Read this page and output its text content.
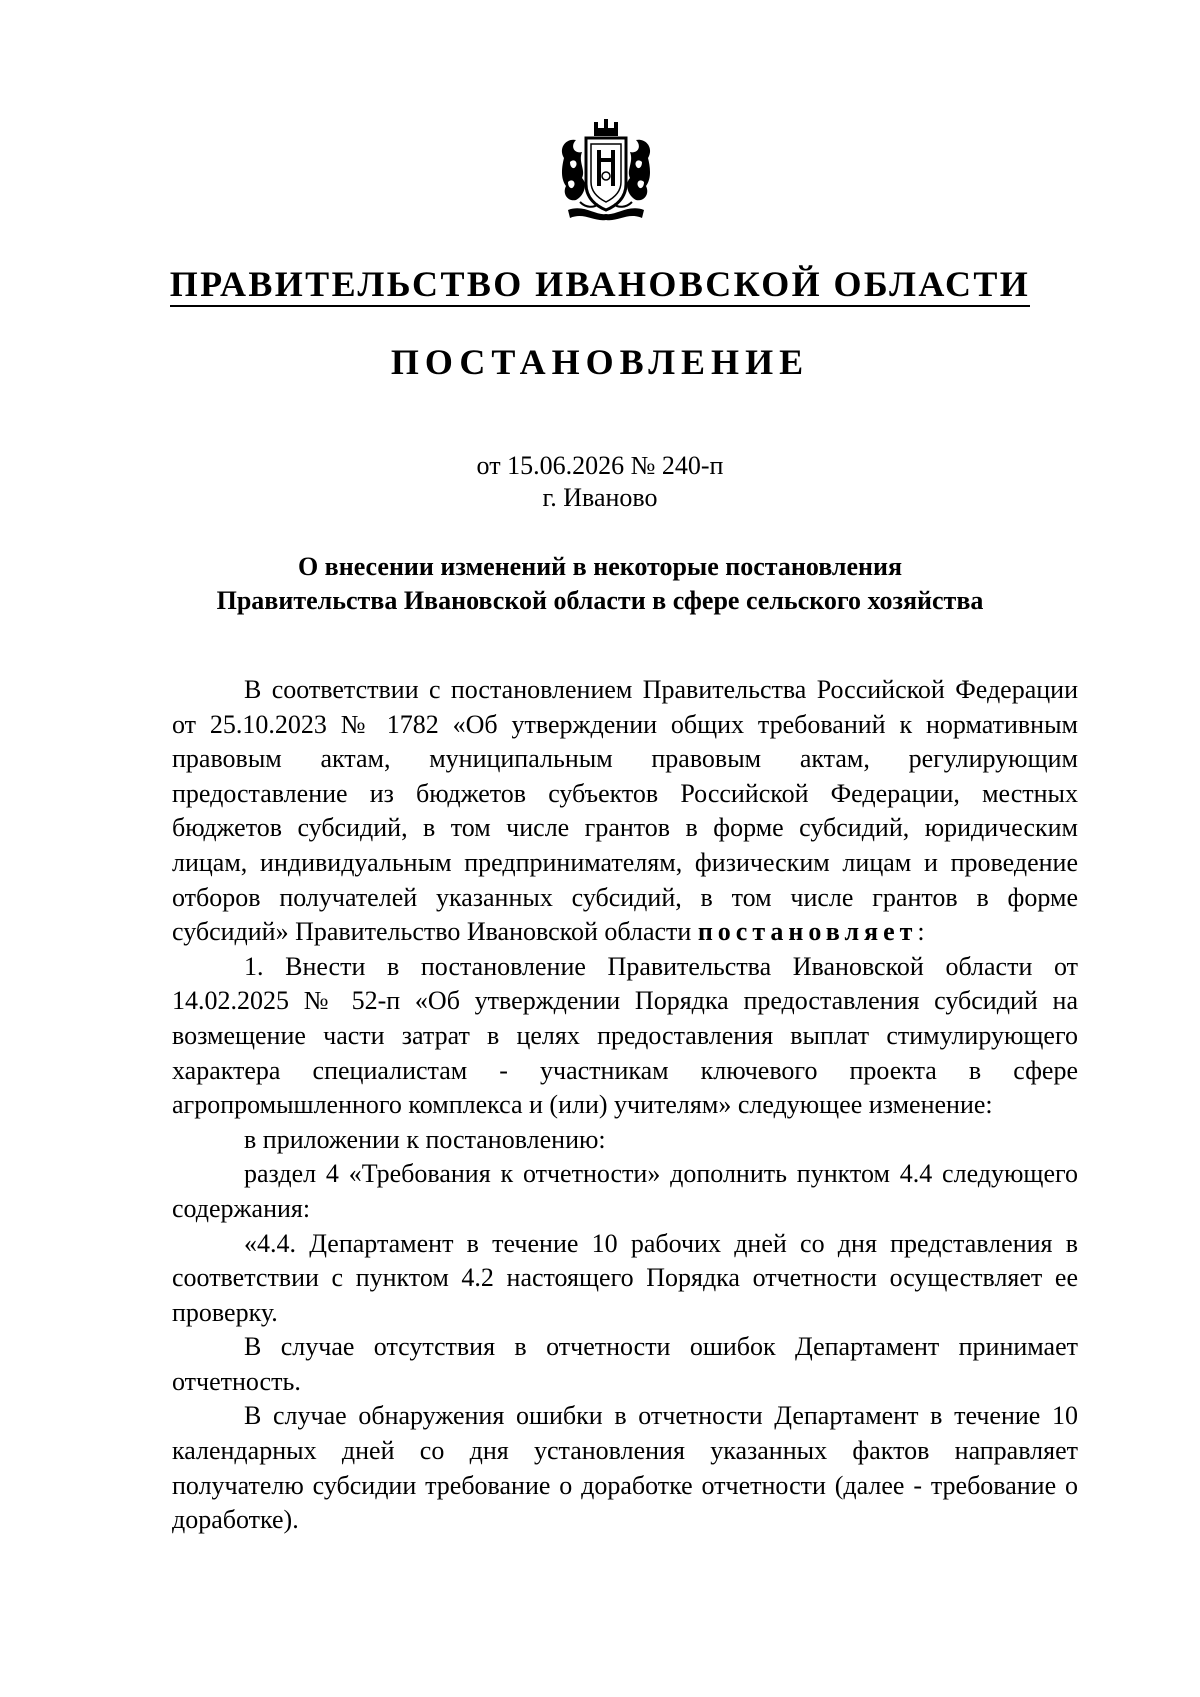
ПРАВИТЕЛЬСТВО ИВАНОВСКОЙ ОБЛАСТИ
ПОСТАНОВЛЕНИЕ
от 15.06.2026 № 240-п
г. Иваново
О внесении изменений в некоторые постановления
Правительства Ивановской области в сфере сельского хозяйства

В соответствии с постановлением Правительства Российской Федерации от 25.10.2023 № 1782 «Об утверждении общих требований к нормативным правовым актам, муниципальным правовым актам, регулирующим предоставление из бюджетов субъектов Российской Федерации, местных бюджетов субсидий, в том числе грантов в форме субсидий, юридическим лицам, индивидуальным предпринимателям, физическим лицам и проведение отборов получателей указанных субсидий, в том числе грантов в форме субсидий» Правительство Ивановской области постановляет:

1. Внести в постановление Правительства Ивановской области от 14.02.2025 № 52-п «Об утверждении Порядка предоставления субсидий на возмещение части затрат в целях предоставления выплат стимулирующего характера специалистам - участникам ключевого проекта в сфере агропромышленного комплекса и (или) учителям» следующее изменение:

в приложении к постановлению:

раздел 4 «Требования к отчетности» дополнить пунктом 4.4 следующего содержания:

«4.4. Департамент в течение 10 рабочих дней со дня представления в соответствии с пунктом 4.2 настоящего Порядка отчетности осуществляет ее проверку.

В случае отсутствия в отчетности ошибок Департамент принимает отчетность.

В случае обнаружения ошибки в отчетности Департамент в течение 10 календарных дней со дня установления указанных фактов направляет получателю субсидии требование о доработке отчетности (далее - требование о доработке).
